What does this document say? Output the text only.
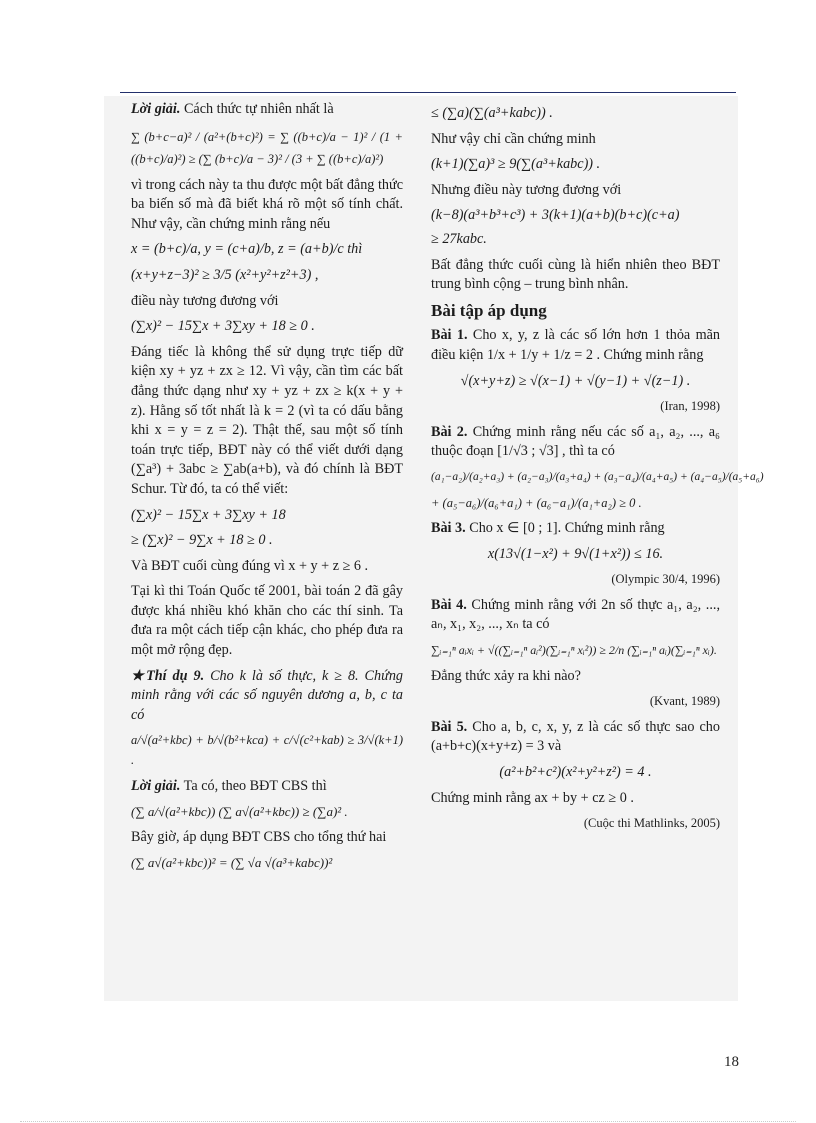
Lời giải. Cách thức tự nhiên nhất là

∑ (b+c−a)² / (a²+(b+c)²) = ∑ ((b+c)/a − 1)² / (1 + ((b+c)/a)²) ≥ (∑ (b+c)/a − 3)² / (3 + ∑ ((b+c)/a)²)

vì trong cách này ta thu được một bất đẳng thức ba biến số mà đã biết khá rõ một số tính chất. Như vậy, cần chứng minh rằng nếu

x = (b+c)/a, y = (c+a)/b, z = (a+b)/c thì

(x+y+z−3)² ≥ 3/5 (x²+y²+z²+3) ,

điều này tương đương với

(∑x)² − 15∑x + 3∑xy + 18 ≥ 0 .

Đáng tiếc là không thể sử dụng trực tiếp dữ kiện xy + yz + zx ≥ 12. Vì vậy, cần tìm các bất đẳng thức dạng như xy + yz + zx ≥ k(x + y + z). Hằng số tốt nhất là k = 2 (vì ta có dấu bằng khi x = y = z = 2). Thật thế, sau một số tính toán trực tiếp, BĐT này có thể viết dưới dạng (∑a³) + 3abc ≥ ∑ab(a+b), và đó chính là BĐT Schur. Từ đó, ta có thể viết:

(∑x)² − 15∑x + 3∑xy + 18

≥ (∑x)² − 9∑x + 18 ≥ 0 .

Và BĐT cuối cùng đúng vì x + y + z ≥ 6 .

Tại kì thi Toán Quốc tế 2001, bài toán 2 đã gây được khá nhiều khó khăn cho các thí sinh. Ta đưa ra một cách tiếp cận khác, cho phép đưa ra một mở rộng đẹp.

★Thí dụ 9. Cho k là số thực, k ≥ 8. Chứng minh rằng với các số nguyên dương a, b, c ta có

a/√(a²+kbc) + b/√(b²+kca) + c/√(c²+kab) ≥ 3/√(k+1) .

Lời giải. Ta có, theo BĐT CBS thì

(∑ a/√(a²+kbc)) (∑ a√(a²+kbc)) ≥ (∑a)² .

Bây giờ, áp dụng BĐT CBS cho tổng thứ hai

(∑ a√(a²+kbc))² = (∑ √a √(a³+kabc))²

≤ (∑a)(∑(a³+kabc)) .

Như vậy chỉ cần chứng minh

(k+1)(∑a)³ ≥ 9(∑(a³+kabc)) .

Nhưng điều này tương đương với

(k−8)(a³+b³+c³) + 3(k+1)(a+b)(b+c)(c+a)

≥ 27kabc.

Bất đẳng thức cuối cùng là hiển nhiên theo BĐT trung bình cộng – trung bình nhân.

Bài tập áp dụng

Bài 1. Cho x, y, z là các số lớn hơn 1 thỏa mãn điều kiện 1/x + 1/y + 1/z = 2 . Chứng minh rằng

√(x+y+z) ≥ √(x−1) + √(y−1) + √(z−1) .

(Iran, 1998)

Bài 2. Chứng minh rằng nếu các số a₁, a₂, ..., a₆ thuộc đoạn [1/√3 ; √3] , thì ta có

(a₁−a₂)/(a₂+a₃) + (a₂−a₃)/(a₃+a₄) + (a₃−a₄)/(a₄+a₅) + (a₄−a₅)/(a₅+a₆)

+ (a₅−a₆)/(a₆+a₁) + (a₆−a₁)/(a₁+a₂) ≥ 0 .

Bài 3. Cho x ∈ [0 ; 1]. Chứng minh rằng

x(13√(1−x²) + 9√(1+x²)) ≤ 16.

(Olympic 30/4, 1996)

Bài 4. Chứng minh rằng với 2n số thực a₁, a₂, ..., aₙ, x₁, x₂, ..., xₙ ta có

∑ᵢ₌₁ⁿ aᵢxᵢ + √((∑ᵢ₌₁ⁿ aᵢ²)(∑ᵢ₌₁ⁿ xᵢ²)) ≥ 2/n (∑ᵢ₌₁ⁿ aᵢ)(∑ᵢ₌₁ⁿ xᵢ).

Đẳng thức xảy ra khi nào?

(Kvant, 1989)

Bài 5. Cho a, b, c, x, y, z là các số thực sao cho (a+b+c)(x+y+z) = 3 và

(a²+b²+c²)(x²+y²+z²) = 4 .

Chứng minh rằng ax + by + cz ≥ 0 .

(Cuộc thi Mathlinks, 2005)

18
